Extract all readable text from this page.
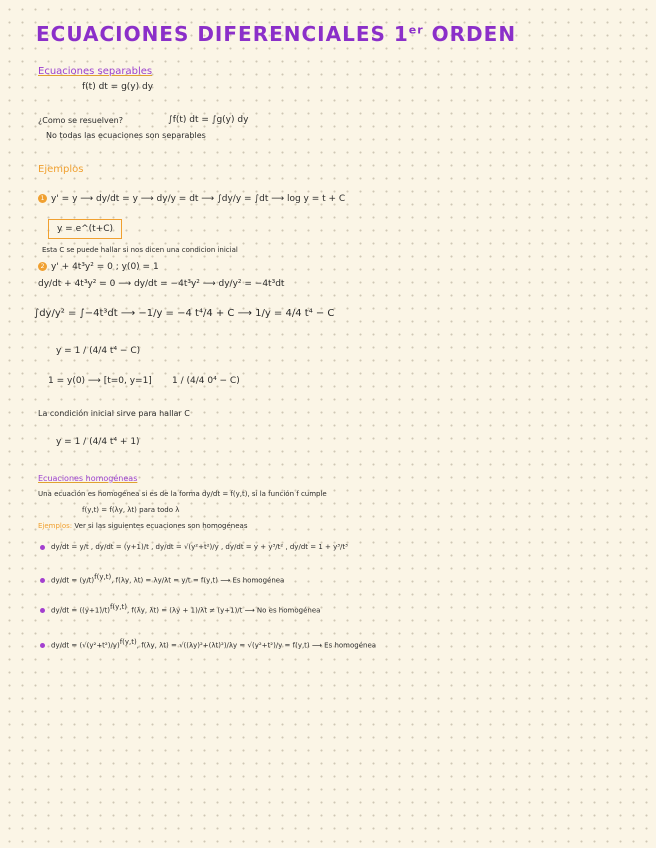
ECUACIONES DIFERENCIALES 1er ORDEN
Ecuaciones separables
f(t) dt = g(y) dy
¿Como se resuelven?	∫f(t) dt = ∫g(y) dy
No todas las ecuaciones son separables
Ejemplos
1 y' = y ⟶ dy/dt = y ⟶ dy/y = dt ⟶ ∫dy/y = ∫dt ⟶ log y = t + C
y = e^(t+C)
Esta C se puede hallar si nos dicen una condicion inicial
2 y' + 4t³y² = 0 ; y(0) = 1
dy/dt + 4t³y² = 0 ⟶ dy/dt = −4t³y² ⟶ dy/y² = −4t³dt
∫dy/y² = ∫−4t³dt ⟶ −1/y = −4 t⁴/4 + C ⟶ 1/y = 4/4 t⁴ − C
y = 1 / (4/4 t⁴ − C)
1 = y(0) ⟶ [t=0, y=1] 1 / (4/4 0⁴ − C)
La condición inicial sirve para hallar C
y = 1 / (4/4 t⁴ + 1)
Ecuaciones homogéneas
Una ecuación es homogénea si es de la forma dy/dt = f(y,t), si la función f cumple
f(y,t) = f(λy, λt) para todo λ
Ejemplos: Ver si las siguientes ecuaciones son homogéneas
dy/dt = y/t , dy/dt = (y+1)/t , dy/dt = √(y²+t²)/y , dy/dt = y + y³/t² , dy/dt = 1 + y³/t³
$dy/dt = (y/t)^{f(y,t)}$, f(λy, λt) = λy/λt = y/t = f(y,t) ⟶ Es homogénea
$dy/dt = ((y+1)/t)^{f(y,t)}$, f(λy, λt) = (λy + 1)/λt ≠ (y+1)/t ⟶ No es homogénea
$dy/dt = (√(y^2+t^2)/y)^{f(y,t)}$, f(λy, λt) = √((λy)²+(λt)²)/λy = √(y²+t²)/y = f(y,t) ⟶ Es homogénea
